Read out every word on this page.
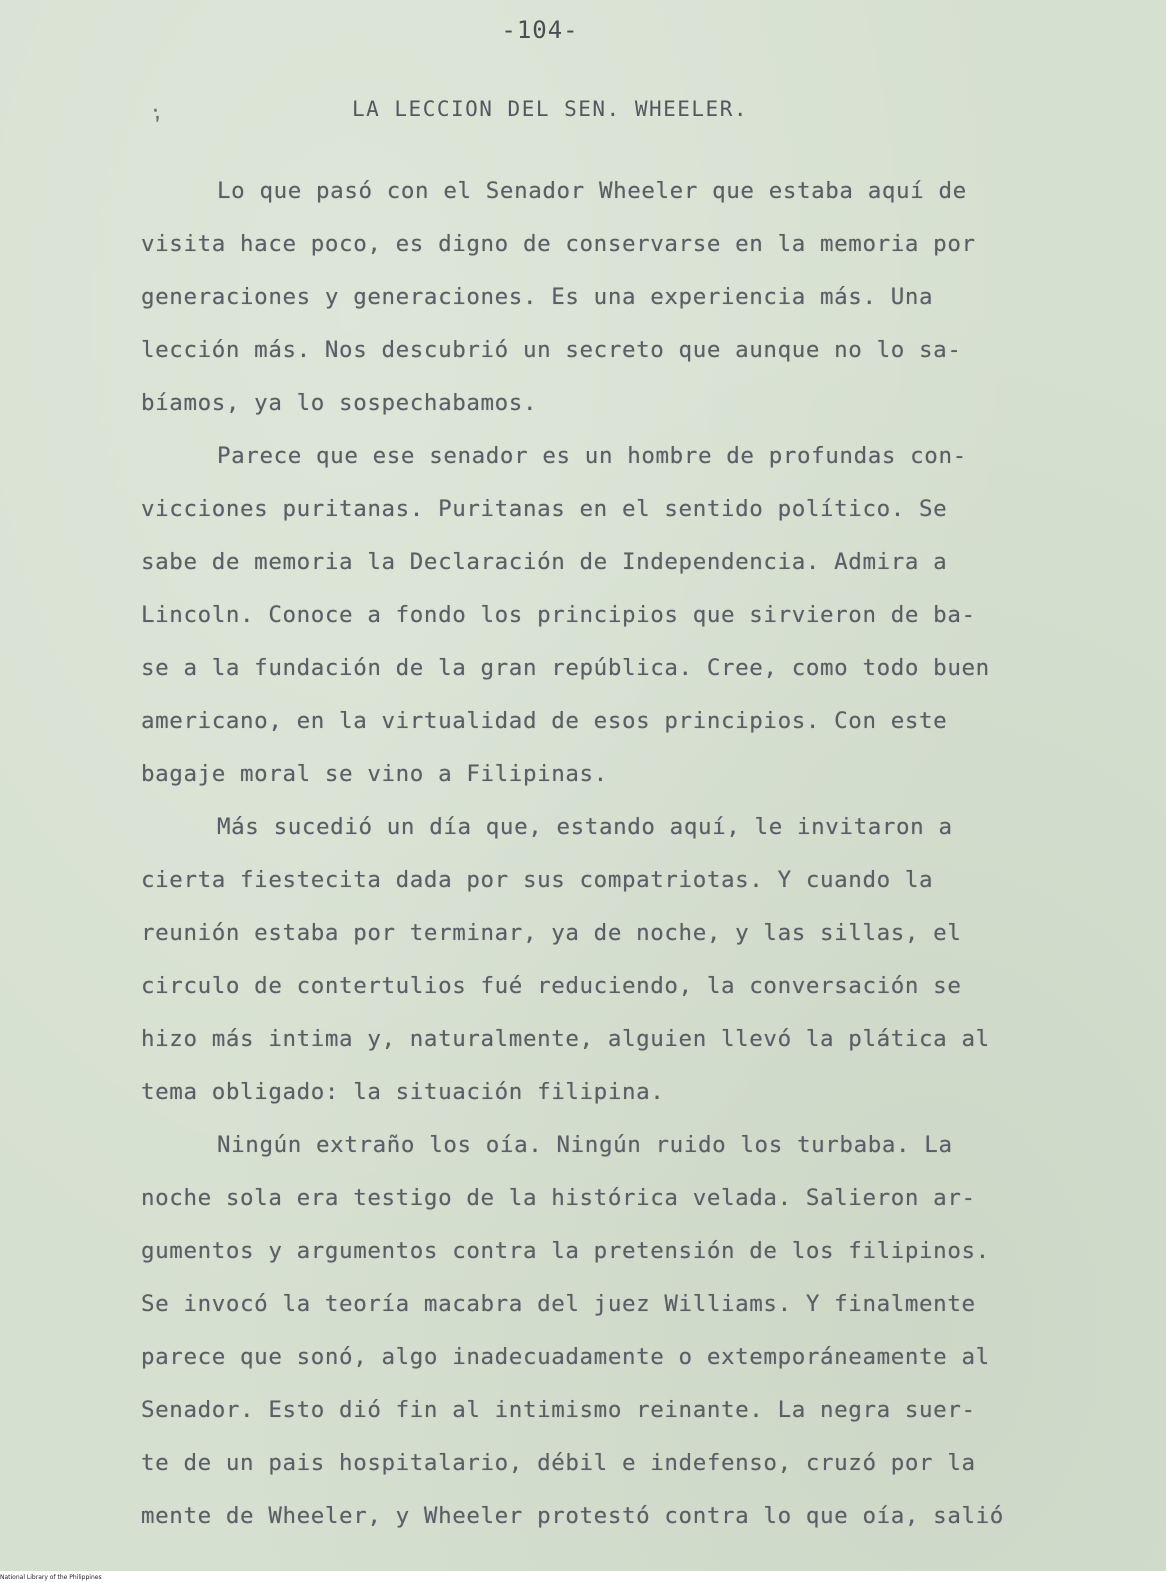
-104-
;	LA LECCION DEL SEN. WHEELER.
Lo que pasó con el Senador Wheeler que estaba aquí de
visita hace poco, es digno de conservarse en la memoria por
generaciones y generaciones. Es una experiencia más. Una
lección más. Nos descubrió un secreto que aunque no lo sa-
bíamos, ya lo sospechabamos.
Parece que ese senador es un hombre de profundas con-
vicciones puritanas. Puritanas en el sentido político. Se
sabe de memoria la Declaración de Independencia. Admira a
Lincoln. Conoce a fondo los principios que sirvieron de ba-
se a la fundación de la gran república. Cree, como todo buen
americano, en la virtualidad de esos principios. Con este
bagaje moral se vino a Filipinas.
Más sucedió un día que, estando aquí, le invitaron a
cierta fiestecita dada por sus compatriotas. Y cuando la
reunión estaba por terminar, ya de noche, y las sillas, el
circulo de contertulios fué reduciendo, la conversación se
hizo más intima y, naturalmente, alguien llevó la plática al
tema obligado: la situación filipina.
Ningún extraño los oía. Ningún ruido los turbaba. La
noche sola era testigo de la histórica velada. Salieron ar-
gumentos y argumentos contra la pretensión de los filipinos.
Se invocó la teoría macabra del juez Williams. Y finalmente
parece que sonó, algo inadecuadamente o extemporáneamente al
Senador. Esto dió fin al intimismo reinante. La negra suer-
te de un pais hospitalario, débil e indefenso, cruzó por la
mente de Wheeler, y Wheeler protestó contra lo que oía, salió
National Library of the Philippines
